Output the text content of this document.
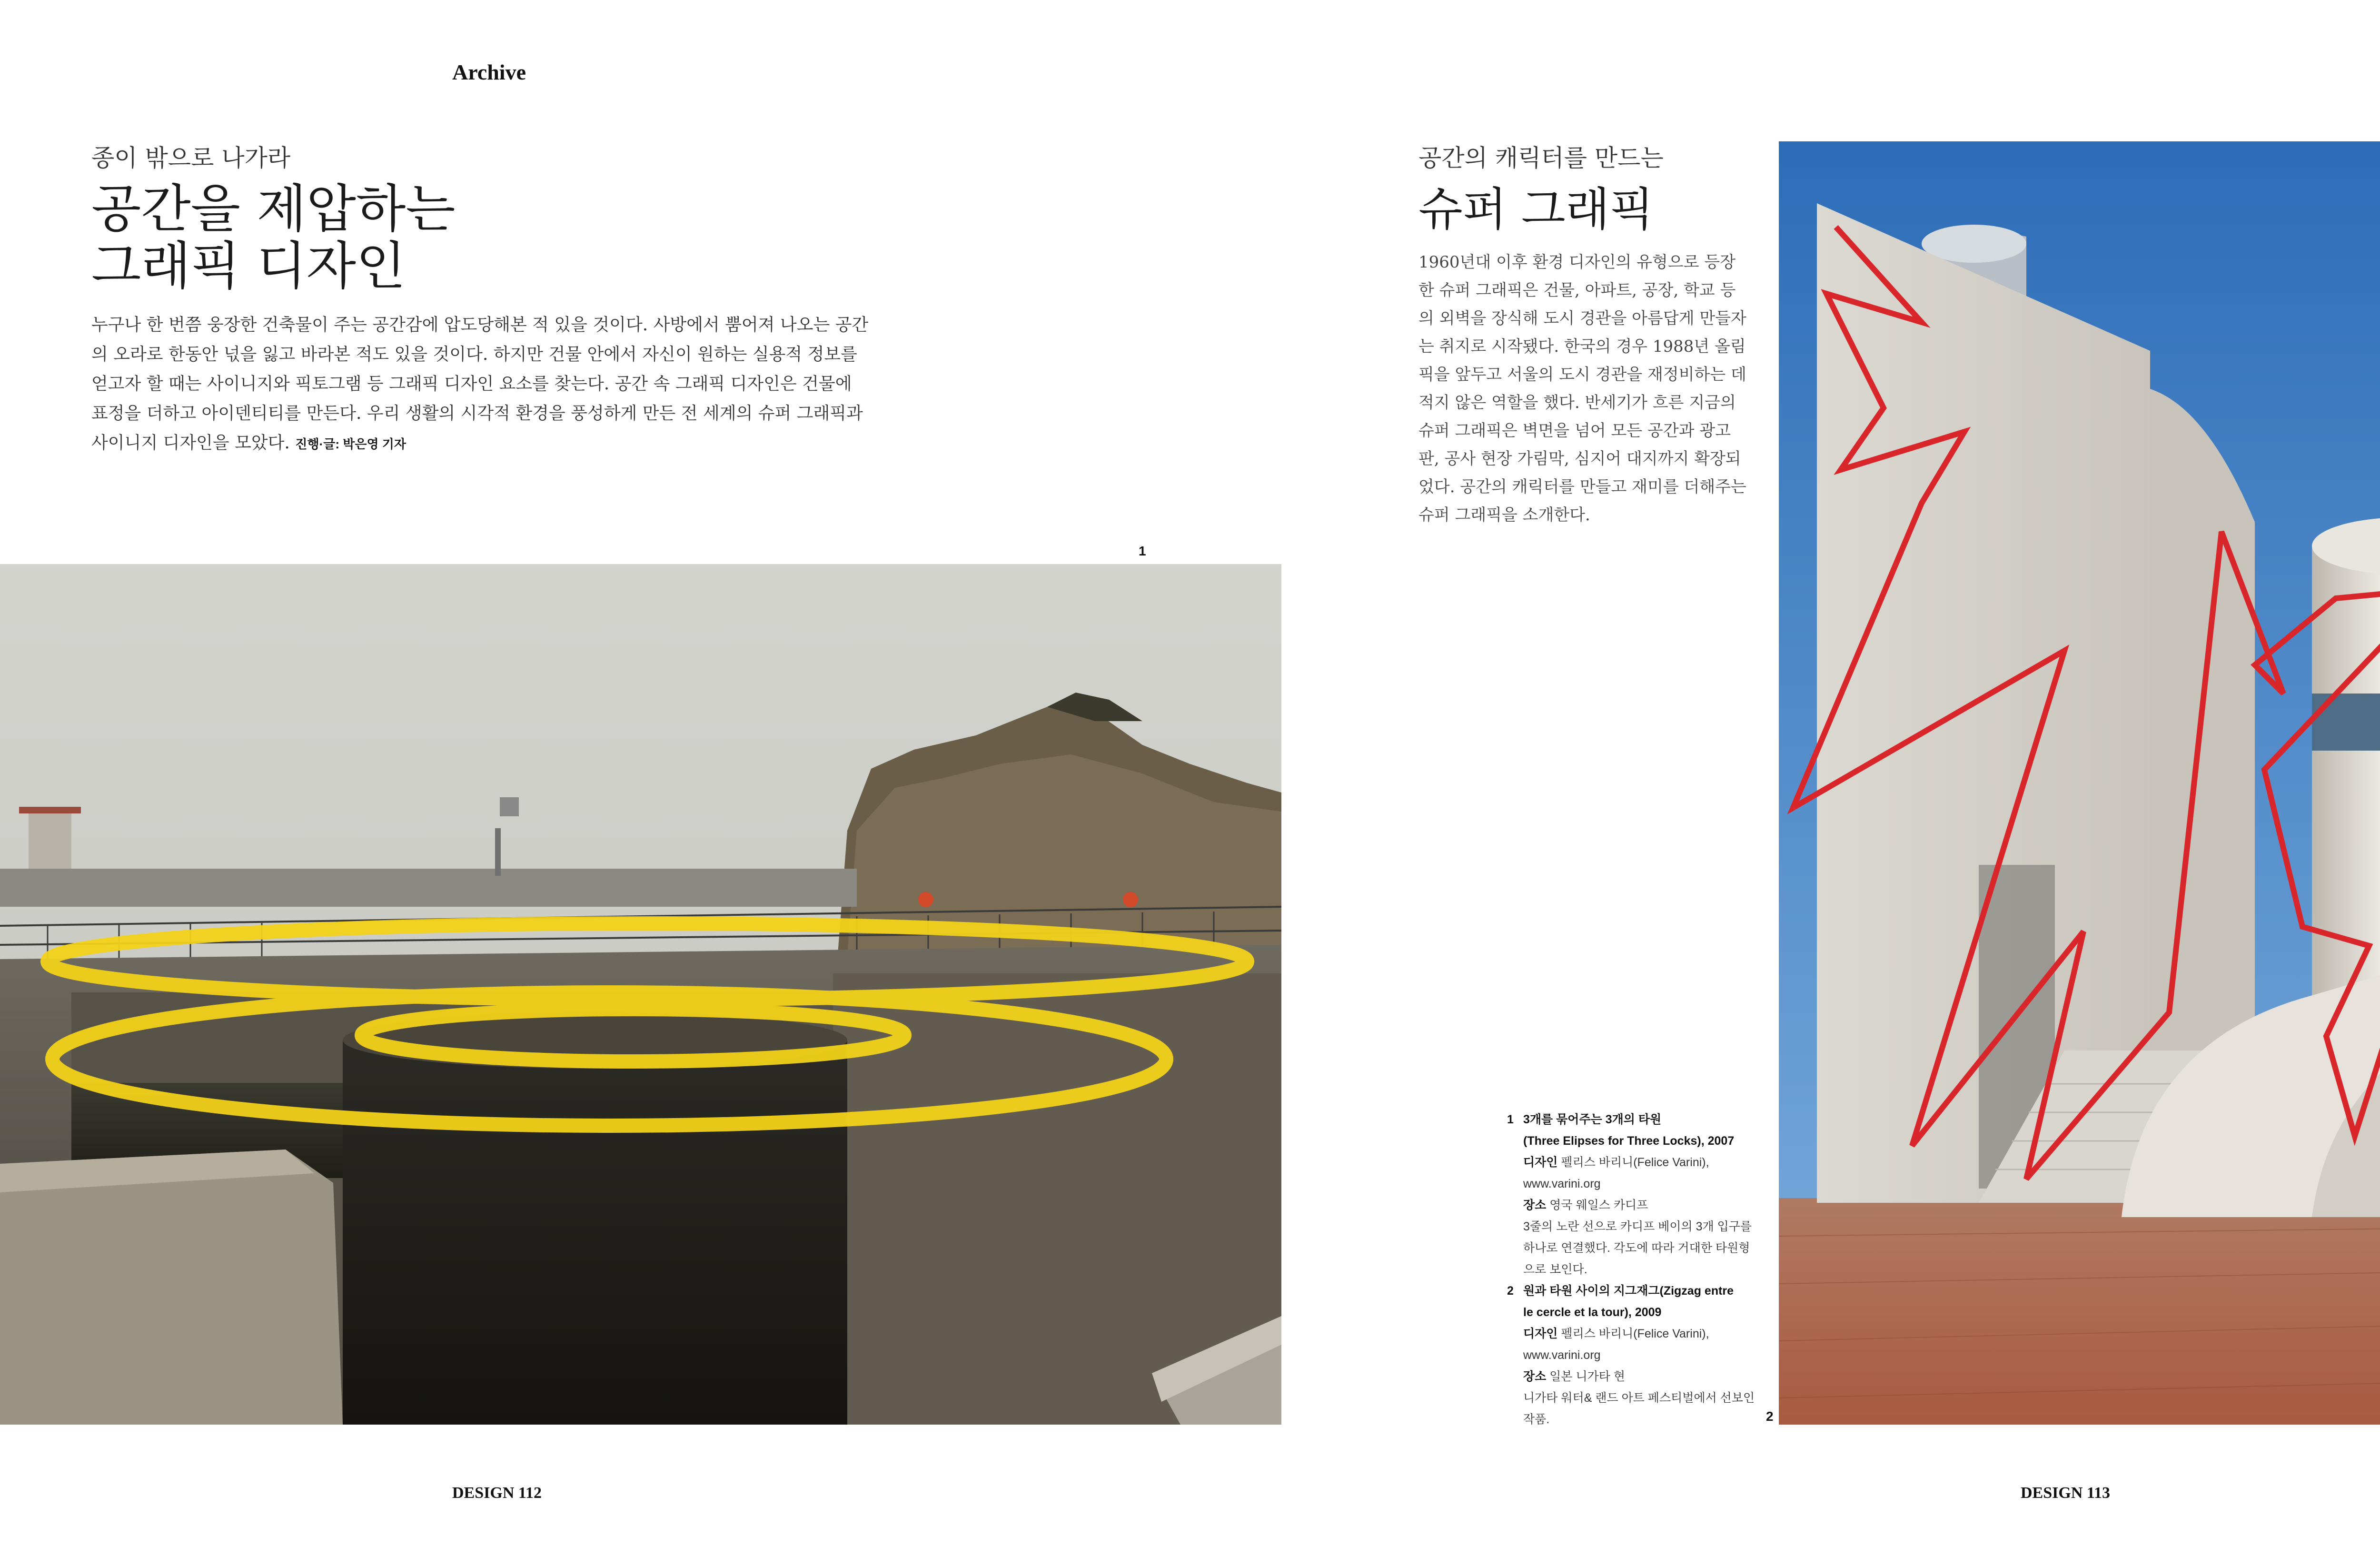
Archive
종이 밖으로 나가라
공간을 제압하는
그래픽 디자인
누구나 한 번쯤 웅장한 건축물이 주는 공간감에 압도당해본 적 있을 것이다. 사방에서 뿜어져 나오는 공간의 오라로 한동안 넋을 잃고 바라본 적도 있을 것이다. 하지만 건물 안에서 자신이 원하는 실용적 정보를 얻고자 할 때는 사이니지와 픽토그램 등 그래픽 디자인 요소를 찾는다. 공간 속 그래픽 디자인은 건물에 표정을 더하고 아이덴티티를 만든다. 우리 생활의 시각적 환경을 풍성하게 만든 전 세계의 슈퍼 그래픽과 사이니지 디자인을 모았다. 진행·글: 박은영 기자
공간의 캐릭터를 만드는
슈퍼 그래픽
1960년대 이후 환경 디자인의 유형으로 등장한 슈퍼 그래픽은 건물, 아파트, 공장, 학교 등의 외벽을 장식해 도시 경관을 아름답게 만들자는 취지로 시작됐다. 한국의 경우 1988년 올림픽을 앞두고 서울의 도시 경관을 재정비하는 데 적지 않은 역할을 했다. 반세기가 흐른 지금의 슈퍼 그래픽은 벽면을 넘어 모든 공간과 광고판, 공사 현장 가림막, 심지어 대지까지 확장되었다. 공간의 캐릭터를 만들고 재미를 더해주는 슈퍼 그래픽을 소개한다.
1
2
1 3개를 묶어주는 3개의 타원
(Three Elipses for Three Locks), 2007
디자인 펠리스 바리니(Felice Varini),
www.varini.org
장소 영국 웨일스 카디프
3줄의 노란 선으로 카디프 베이의 3개 입구를 하나로 연결했다. 각도에 따라 거대한 타원형으로 보인다.
2 원과 타원 사이의 지그재그(Zigzag entre
le cercle et la tour), 2009
디자인 펠리스 바리니(Felice Varini),
www.varini.org
장소 일본 니가타 현
니가타 워터& 랜드 아트 페스티벌에서 선보인 작품.
DESIGN 112	DESIGN 113
